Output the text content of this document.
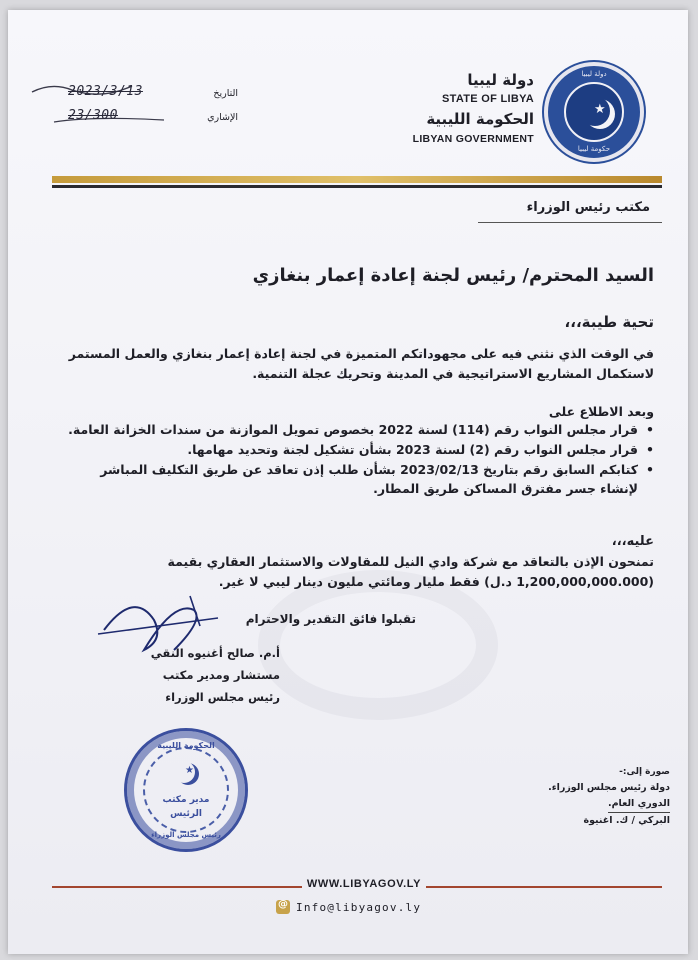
دولة ليبيا
★
حكومة ليبيا
دولة ليبيا
STATE OF LIBYA
الحكومة الليبية
LIBYAN GOVERNMENT
2023/3/13	التاريخ
23/300	الإشاري
مكتب رئيس الوزراء
السيد المحترم/ رئيس لجنة إعادة إعمار بنغازي
تحية طيبة،،،
في الوقت الذي نثني فيه على مجهوداتكم المتميزة في لجنة إعادة إعمار بنغازي والعمل المستمر لاستكمال المشاريع الاستراتيجية في المدينة وتحريك عجلة التنمية.
وبعد الاطلاع على
• قرار مجلس النواب رقم (114) لسنة 2022 بخصوص تمويل الموازنة من سندات الخزانة العامة.
• قرار مجلس النواب رقم (2) لسنة 2023 بشأن تشكيل لجنة وتحديد مهامها.
• كتابكم السابق رقم بتاريخ 2023/02/13 بشأن طلب إذن تعاقد عن طريق التكليف المباشر لإنشاء جسر مفترق المساكن طريق المطار.
عليه،،،
تمنحون الإذن بالتعاقد مع شركة وادي النيل للمقاولات والاستثمار العقاري بقيمة (1,200,000,000.000 د.ل) فقط مليار ومائتي مليون دينار ليبي لا غير.
تقبلوا فائق التقدير والاحترام
أ.م. صالح أغنيوه النقي
مستشار ومدير مكتب
رئيس مجلس الوزراء
الحكومة الليبية
★
مدير مكتب
الرئيس
رئيس مجلس الوزراء
صورة إلى:-
دولة رئيس مجلس الوزراء.
الدوري العام.
البركي / ك. اغنيوة
WWW.LIBYAGOV.LY
@
Info@libyagov.ly
